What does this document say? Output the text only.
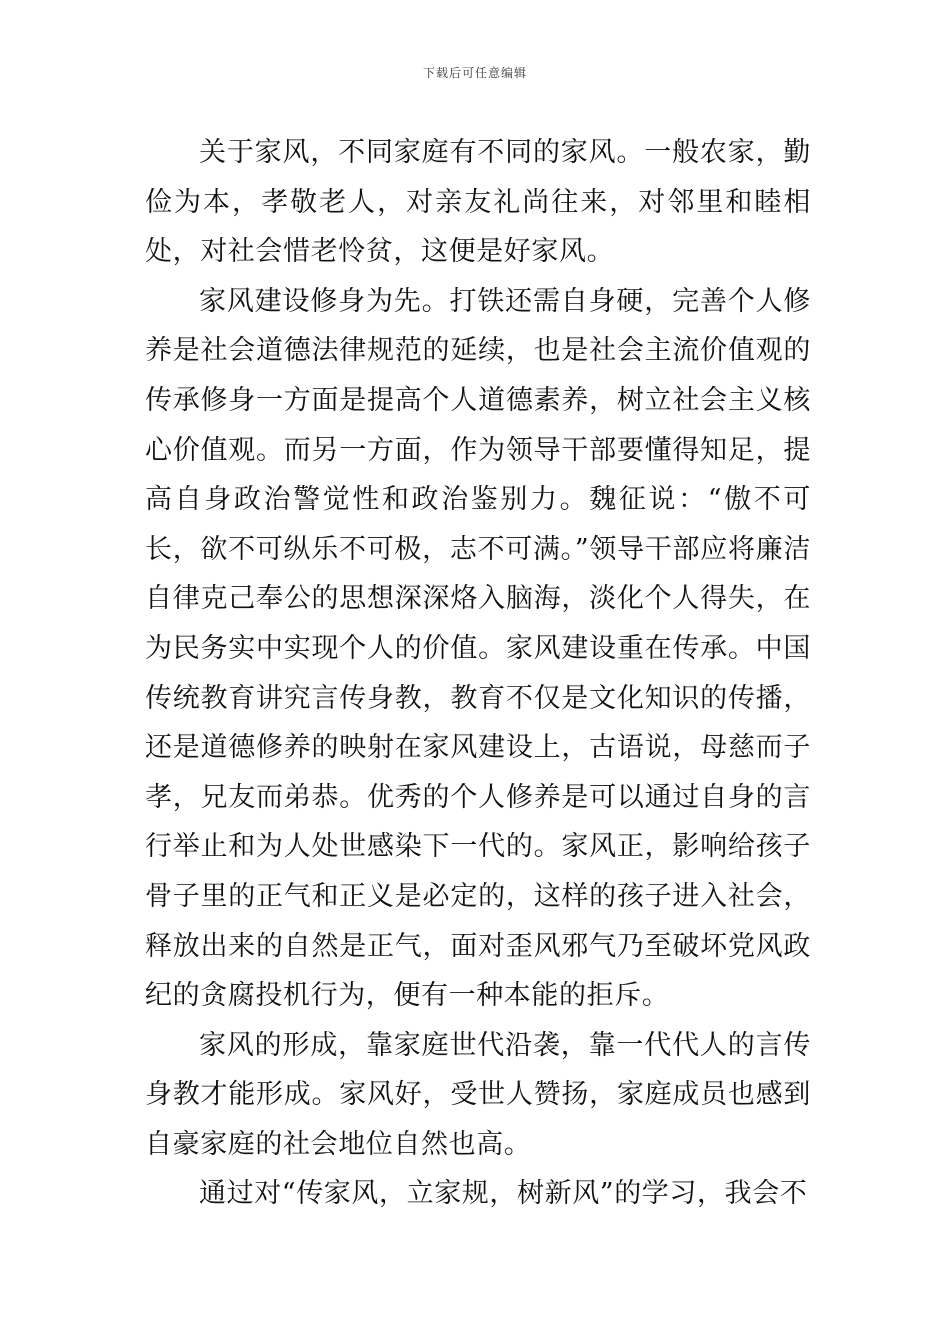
下载后可任意编辑

关于家风，不同家庭有不同的家风。一般农家，勤俭为本，孝敬老人，对亲友礼尚往来，对邻里和睦相处，对社会惜老怜贫，这便是好家风。

家风建设修身为先。打铁还需自身硬，完善个人修养是社会道德法律规范的延续，也是社会主流价值观的传承修身一方面是提高个人道德素养，树立社会主义核心价值观。而另一方面，作为领导干部要懂得知足，提高自身政治警觉性和政治鉴别力。魏征说：“傲不可长，欲不可纵乐不可极，志不可满。”领导干部应将廉洁自律克己奉公的思想深深烙入脑海，淡化个人得失，在为民务实中实现个人的价值。家风建设重在传承。中国传统教育讲究言传身教，教育不仅是文化知识的传播，还是道德修养的映射在家风建设上，古语说，母慈而子孝，兄友而弟恭。优秀的个人修养是可以通过自身的言行举止和为人处世感染下一代的。家风正，影响给孩子骨子里的正气和正义是必定的，这样的孩子进入社会，释放出来的自然是正气，面对歪风邪气乃至破坏党风政纪的贪腐投机行为，便有一种本能的拒斥。

家风的形成，靠家庭世代沿袭，靠一代代人的言传身教才能形成。家风好，受世人赞扬，家庭成员也感到自豪家庭的社会地位自然也高。

通过对“传家风，立家规，树新风”的学习，我会不
